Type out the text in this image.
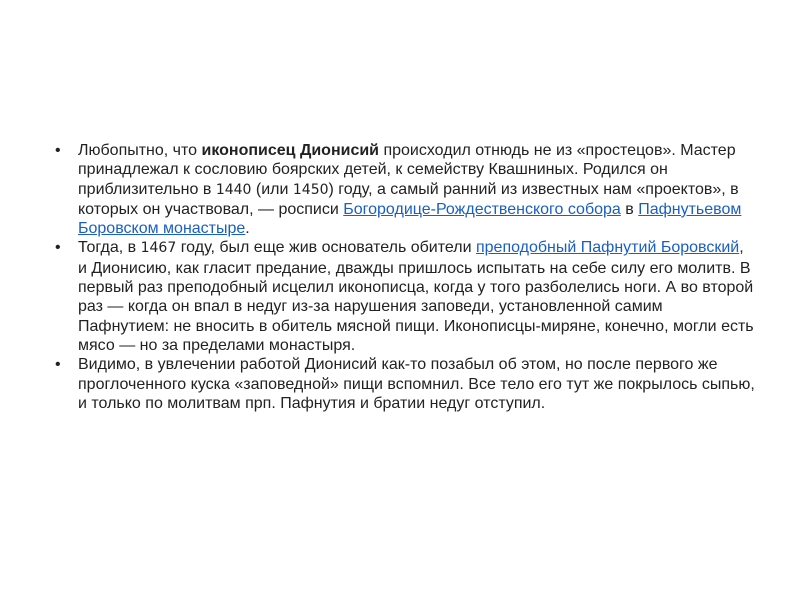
•
Любопытно, что иконописец Дионисий происходил отнюдь не из «простецов». Мастер принадлежал к сословию боярских детей, к семейству Квашниных. Родился он приблизительно в 1440 (или 1450) году, а самый ранний из известных нам «проектов», в которых он участвовал, — росписи Богородице-Рождественского собора в Пафнутьевом Боровском монастыре.

•
Тогда, в 1467 году, был еще жив основатель обители преподобный Пафнутий Боровский, и Дионисию, как гласит предание, дважды пришлось испытать на себе силу его молитв. В первый раз преподобный исцелил иконописца, когда у того разболелись ноги. А во второй раз — когда он впал в недуг из-за нарушения заповеди, установленной самим Пафнутием: не вносить в обитель мясной пищи. Иконописцы-миряне, конечно, могли есть мясо — но за пределами монастыря.

•
Видимо, в увлечении работой Дионисий как-то позабыл об этом, но после первого же проглоченного куска «заповедной» пищи вспомнил. Все тело его тут же покрылось сыпью, и только по молитвам прп. Пафнутия и братии недуг отступил.
